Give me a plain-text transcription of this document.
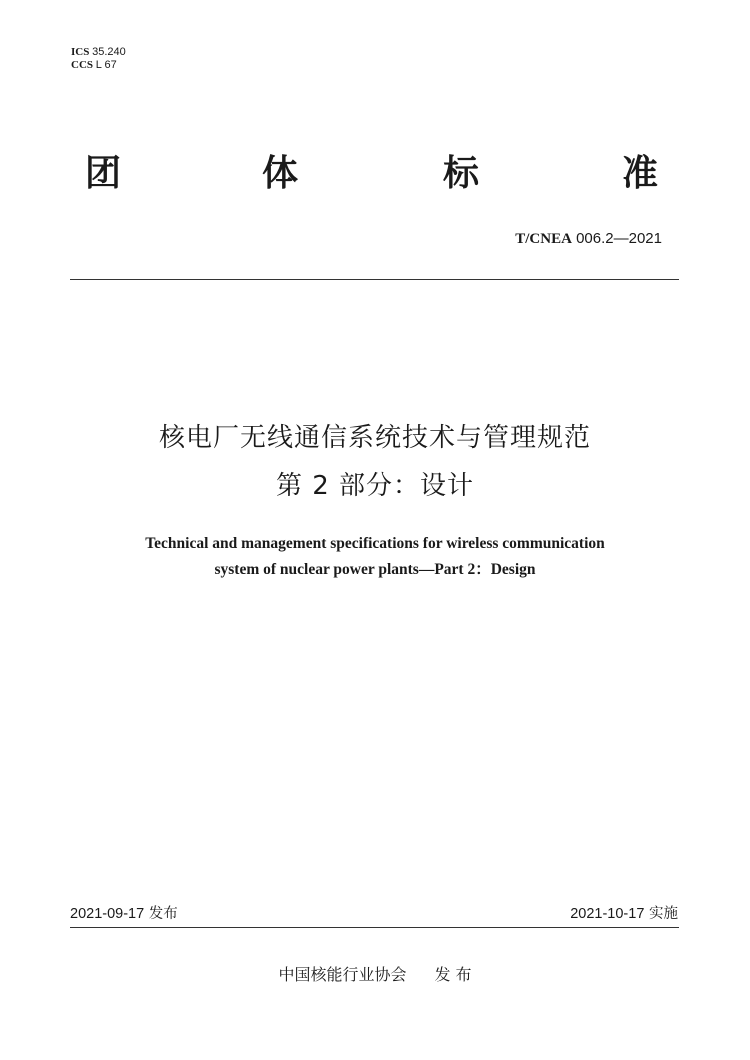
ICS 35.240
CCS L 67
团	体	标	准
T/CNEA 006.2—2021
核电厂无线通信系统技术与管理规范
第 2 部分：设计
Technical and management specifications for wireless communication
system of nuclear power plants—Part 2：Design
2021-09-17 发布	2021-10-17 实施
中国核能行业协会 发 布
